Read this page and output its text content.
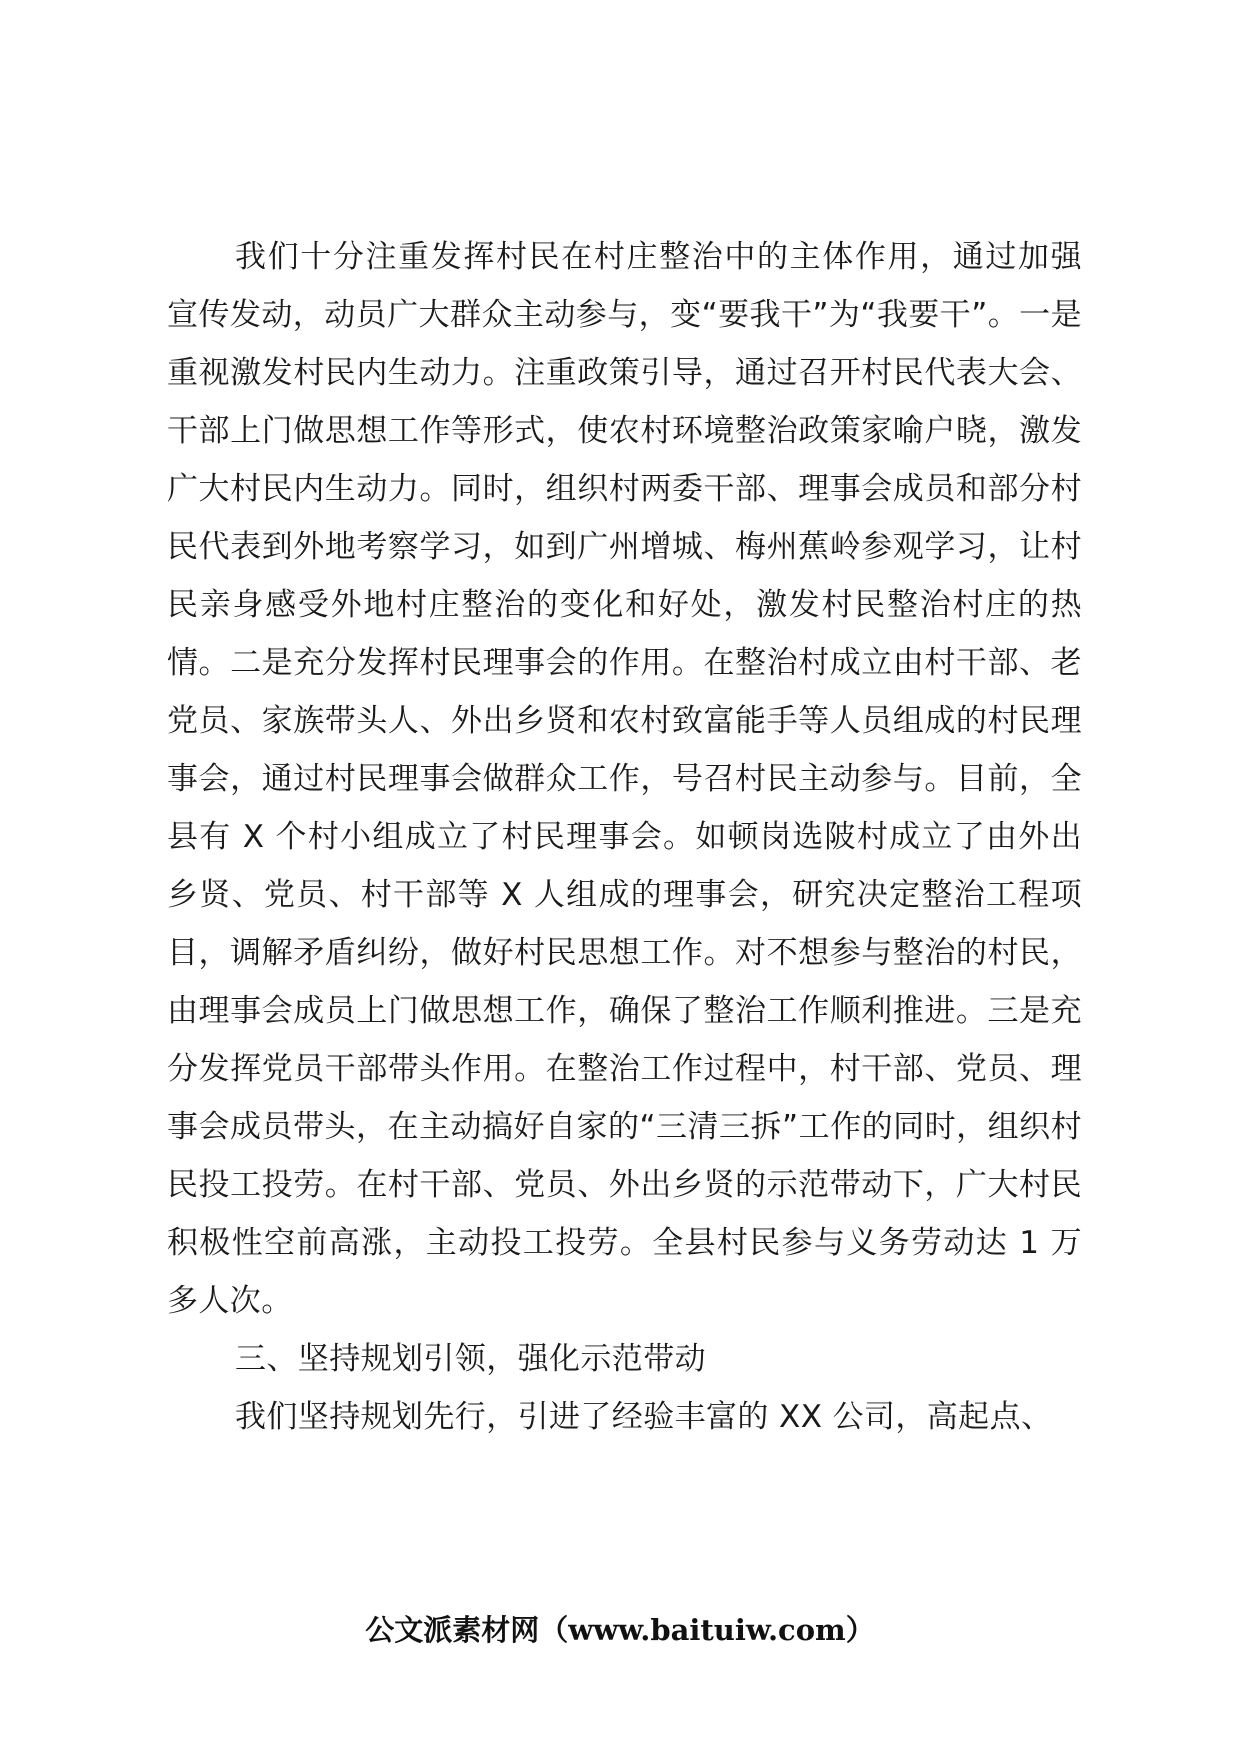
我们十分注重发挥村民在村庄整治中的主体作用，通过加强宣传发动，动员广大群众主动参与，变“要我干”为“我要干”。一是重视激发村民内生动力。注重政策引导，通过召开村民代表大会、干部上门做思想工作等形式，使农村环境整治政策家喻户晓，激发广大村民内生动力。同时，组织村两委干部、理事会成员和部分村民代表到外地考察学习，如到广州增城、梅州蕉岭参观学习，让村民亲身感受外地村庄整治的变化和好处，激发村民整治村庄的热情。二是充分发挥村民理事会的作用。在整治村成立由村干部、老党员、家族带头人、外出乡贤和农村致富能手等人员组成的村民理事会，通过村民理事会做群众工作，号召村民主动参与。目前，全县有 X 个村小组成立了村民理事会。如顿岗选陂村成立了由外出乡贤、党员、村干部等 X 人组成的理事会，研究决定整治工程项目，调解矛盾纠纷，做好村民思想工作。对不想参与整治的村民，由理事会成员上门做思想工作，确保了整治工作顺利推进。三是充分发挥党员干部带头作用。在整治工作过程中，村干部、党员、理事会成员带头，在主动搞好自家的“三清三拆”工作的同时，组织村民投工投劳。在村干部、党员、外出乡贤的示范带动下，广大村民积极性空前高涨，主动投工投劳。全县村民参与义务劳动达 1 万多人次。

三、坚持规划引领，强化示范带动

我们坚持规划先行，引进了经验丰富的 XX 公司，高起点、

公文派素材网（www.baituiw.com）
